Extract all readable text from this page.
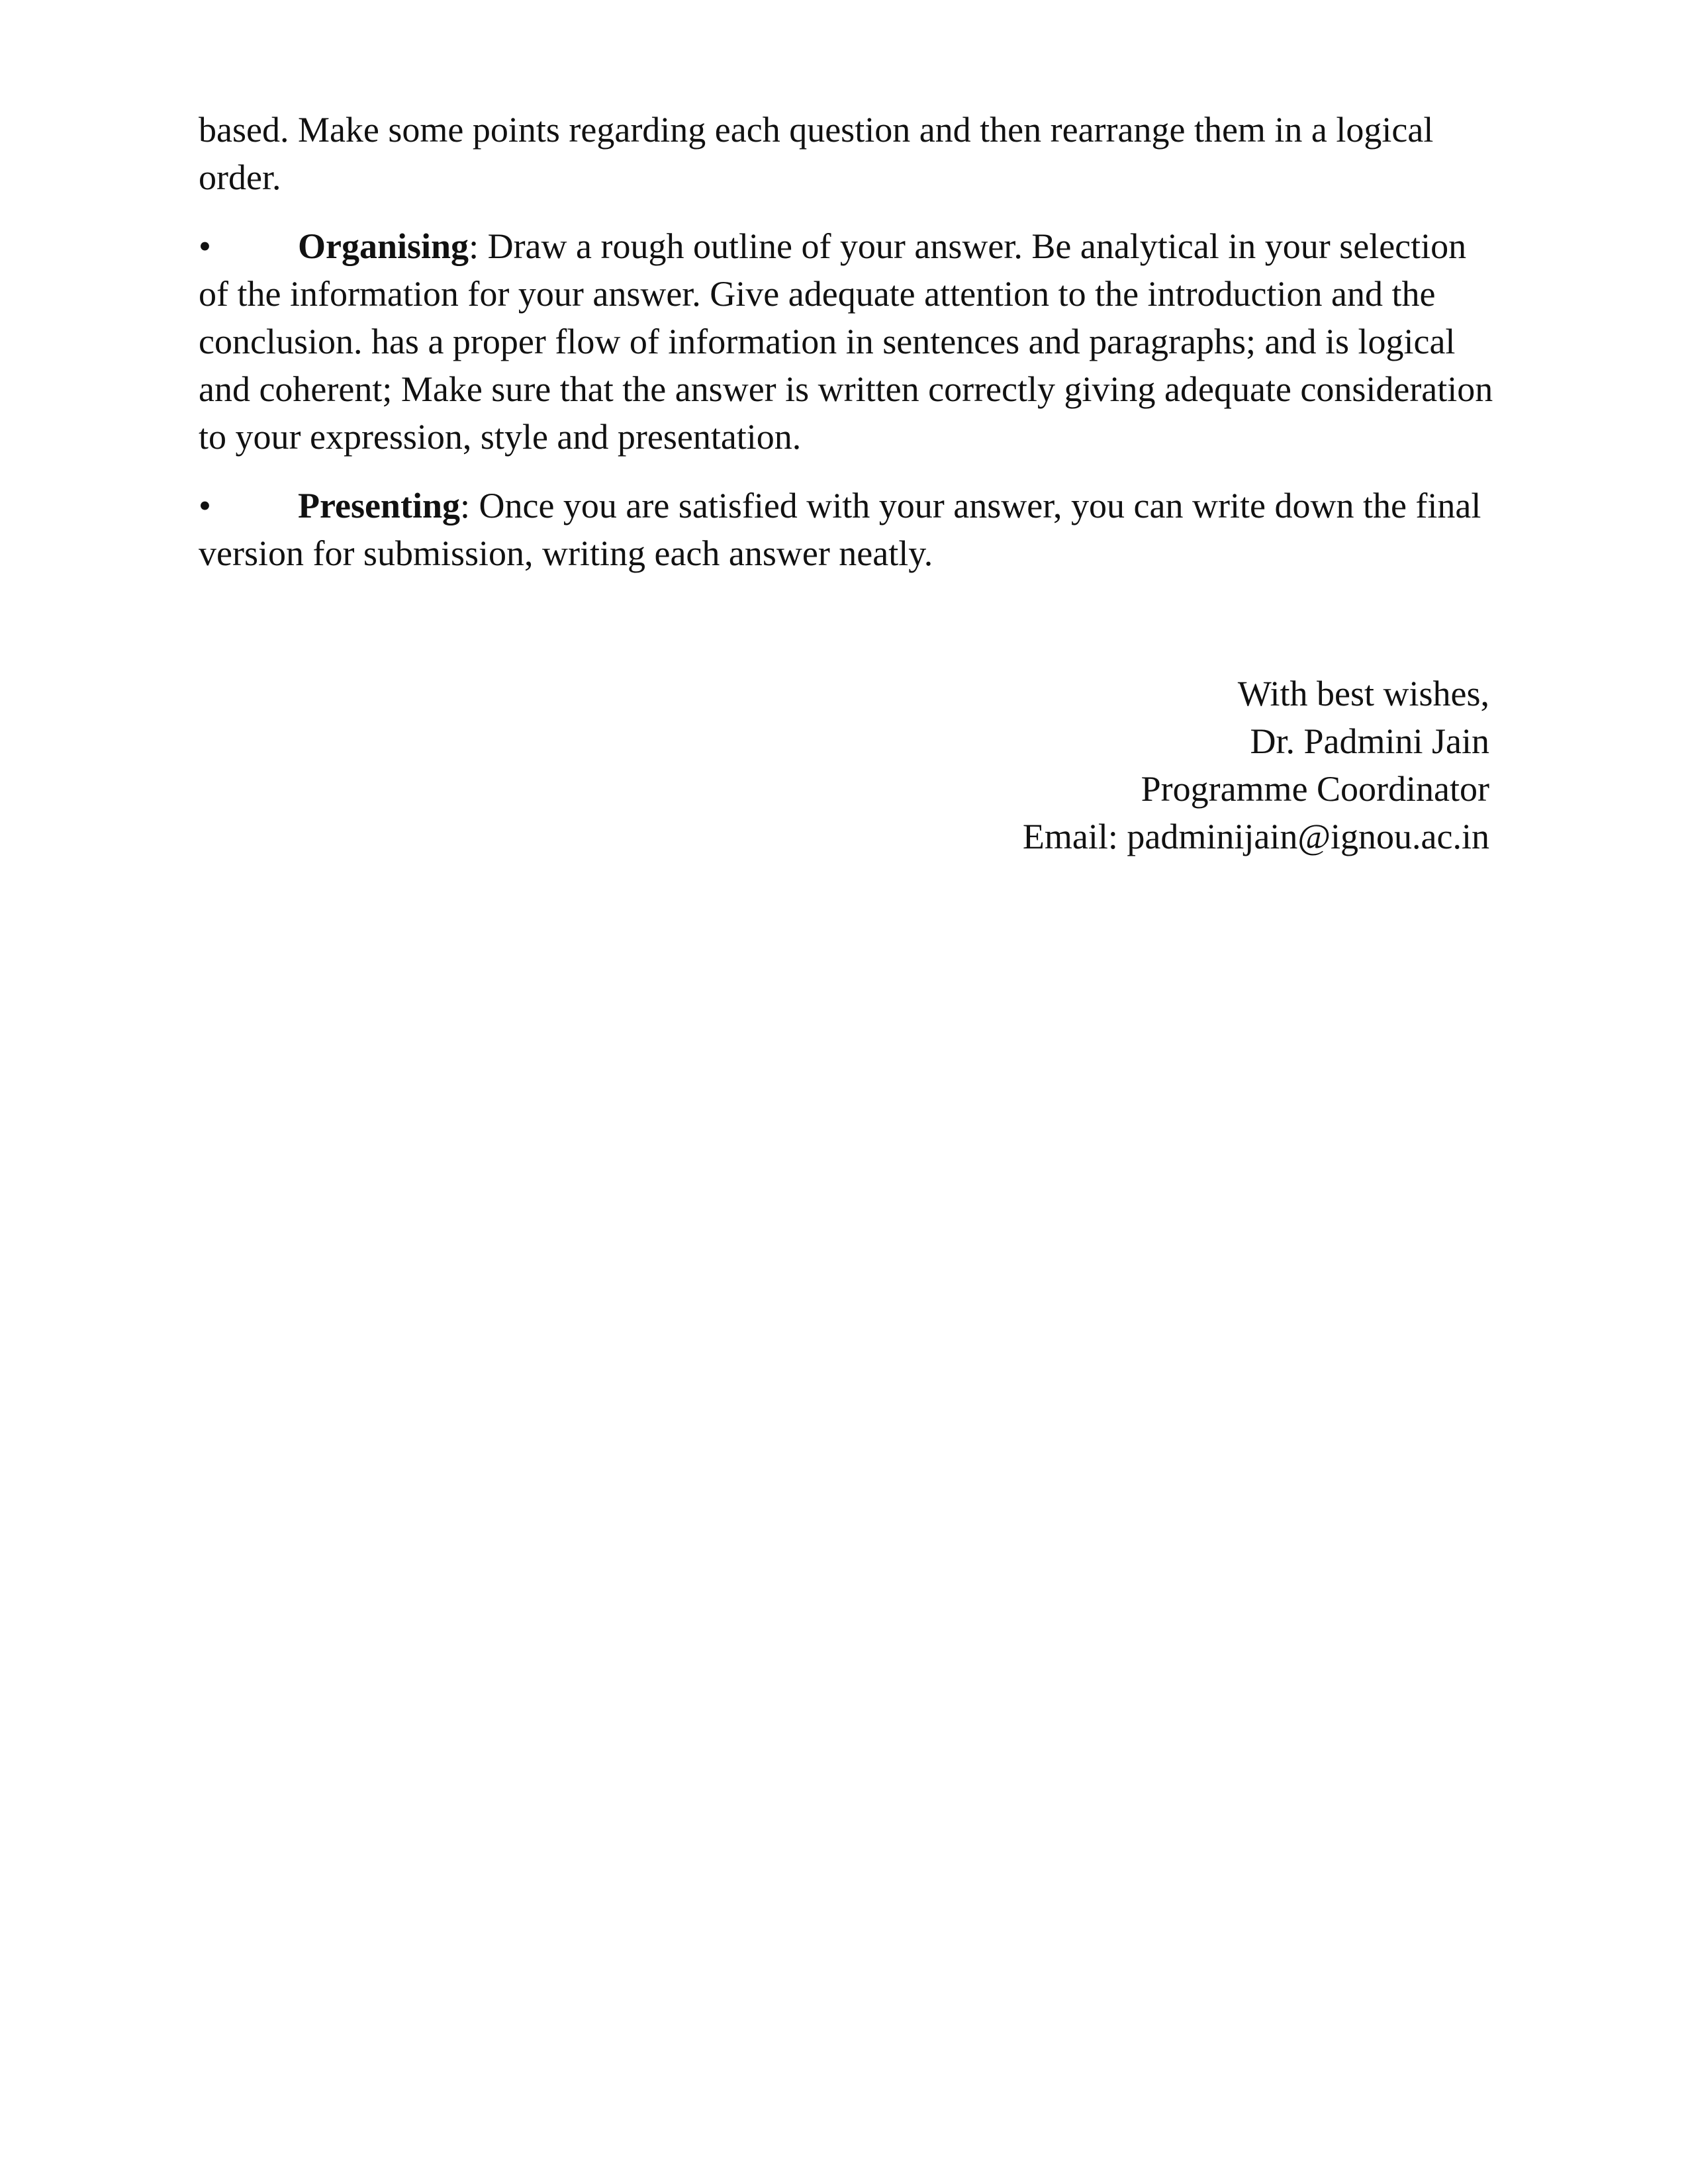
based. Make some points regarding each question and then rearrange them in a logical order.

• Organising: Draw a rough outline of your answer. Be analytical in your selection of the information for your answer. Give adequate attention to the introduction and the conclusion. has a proper flow of information in sentences and paragraphs; and is logical and coherent; Make sure that the answer is written correctly giving adequate consideration to your expression, style and presentation.

• Presenting: Once you are satisfied with your answer, you can write down the final version for submission, writing each answer neatly.

With best wishes,
Dr. Padmini Jain
Programme Coordinator
Email: padminijain@ignou.ac.in
